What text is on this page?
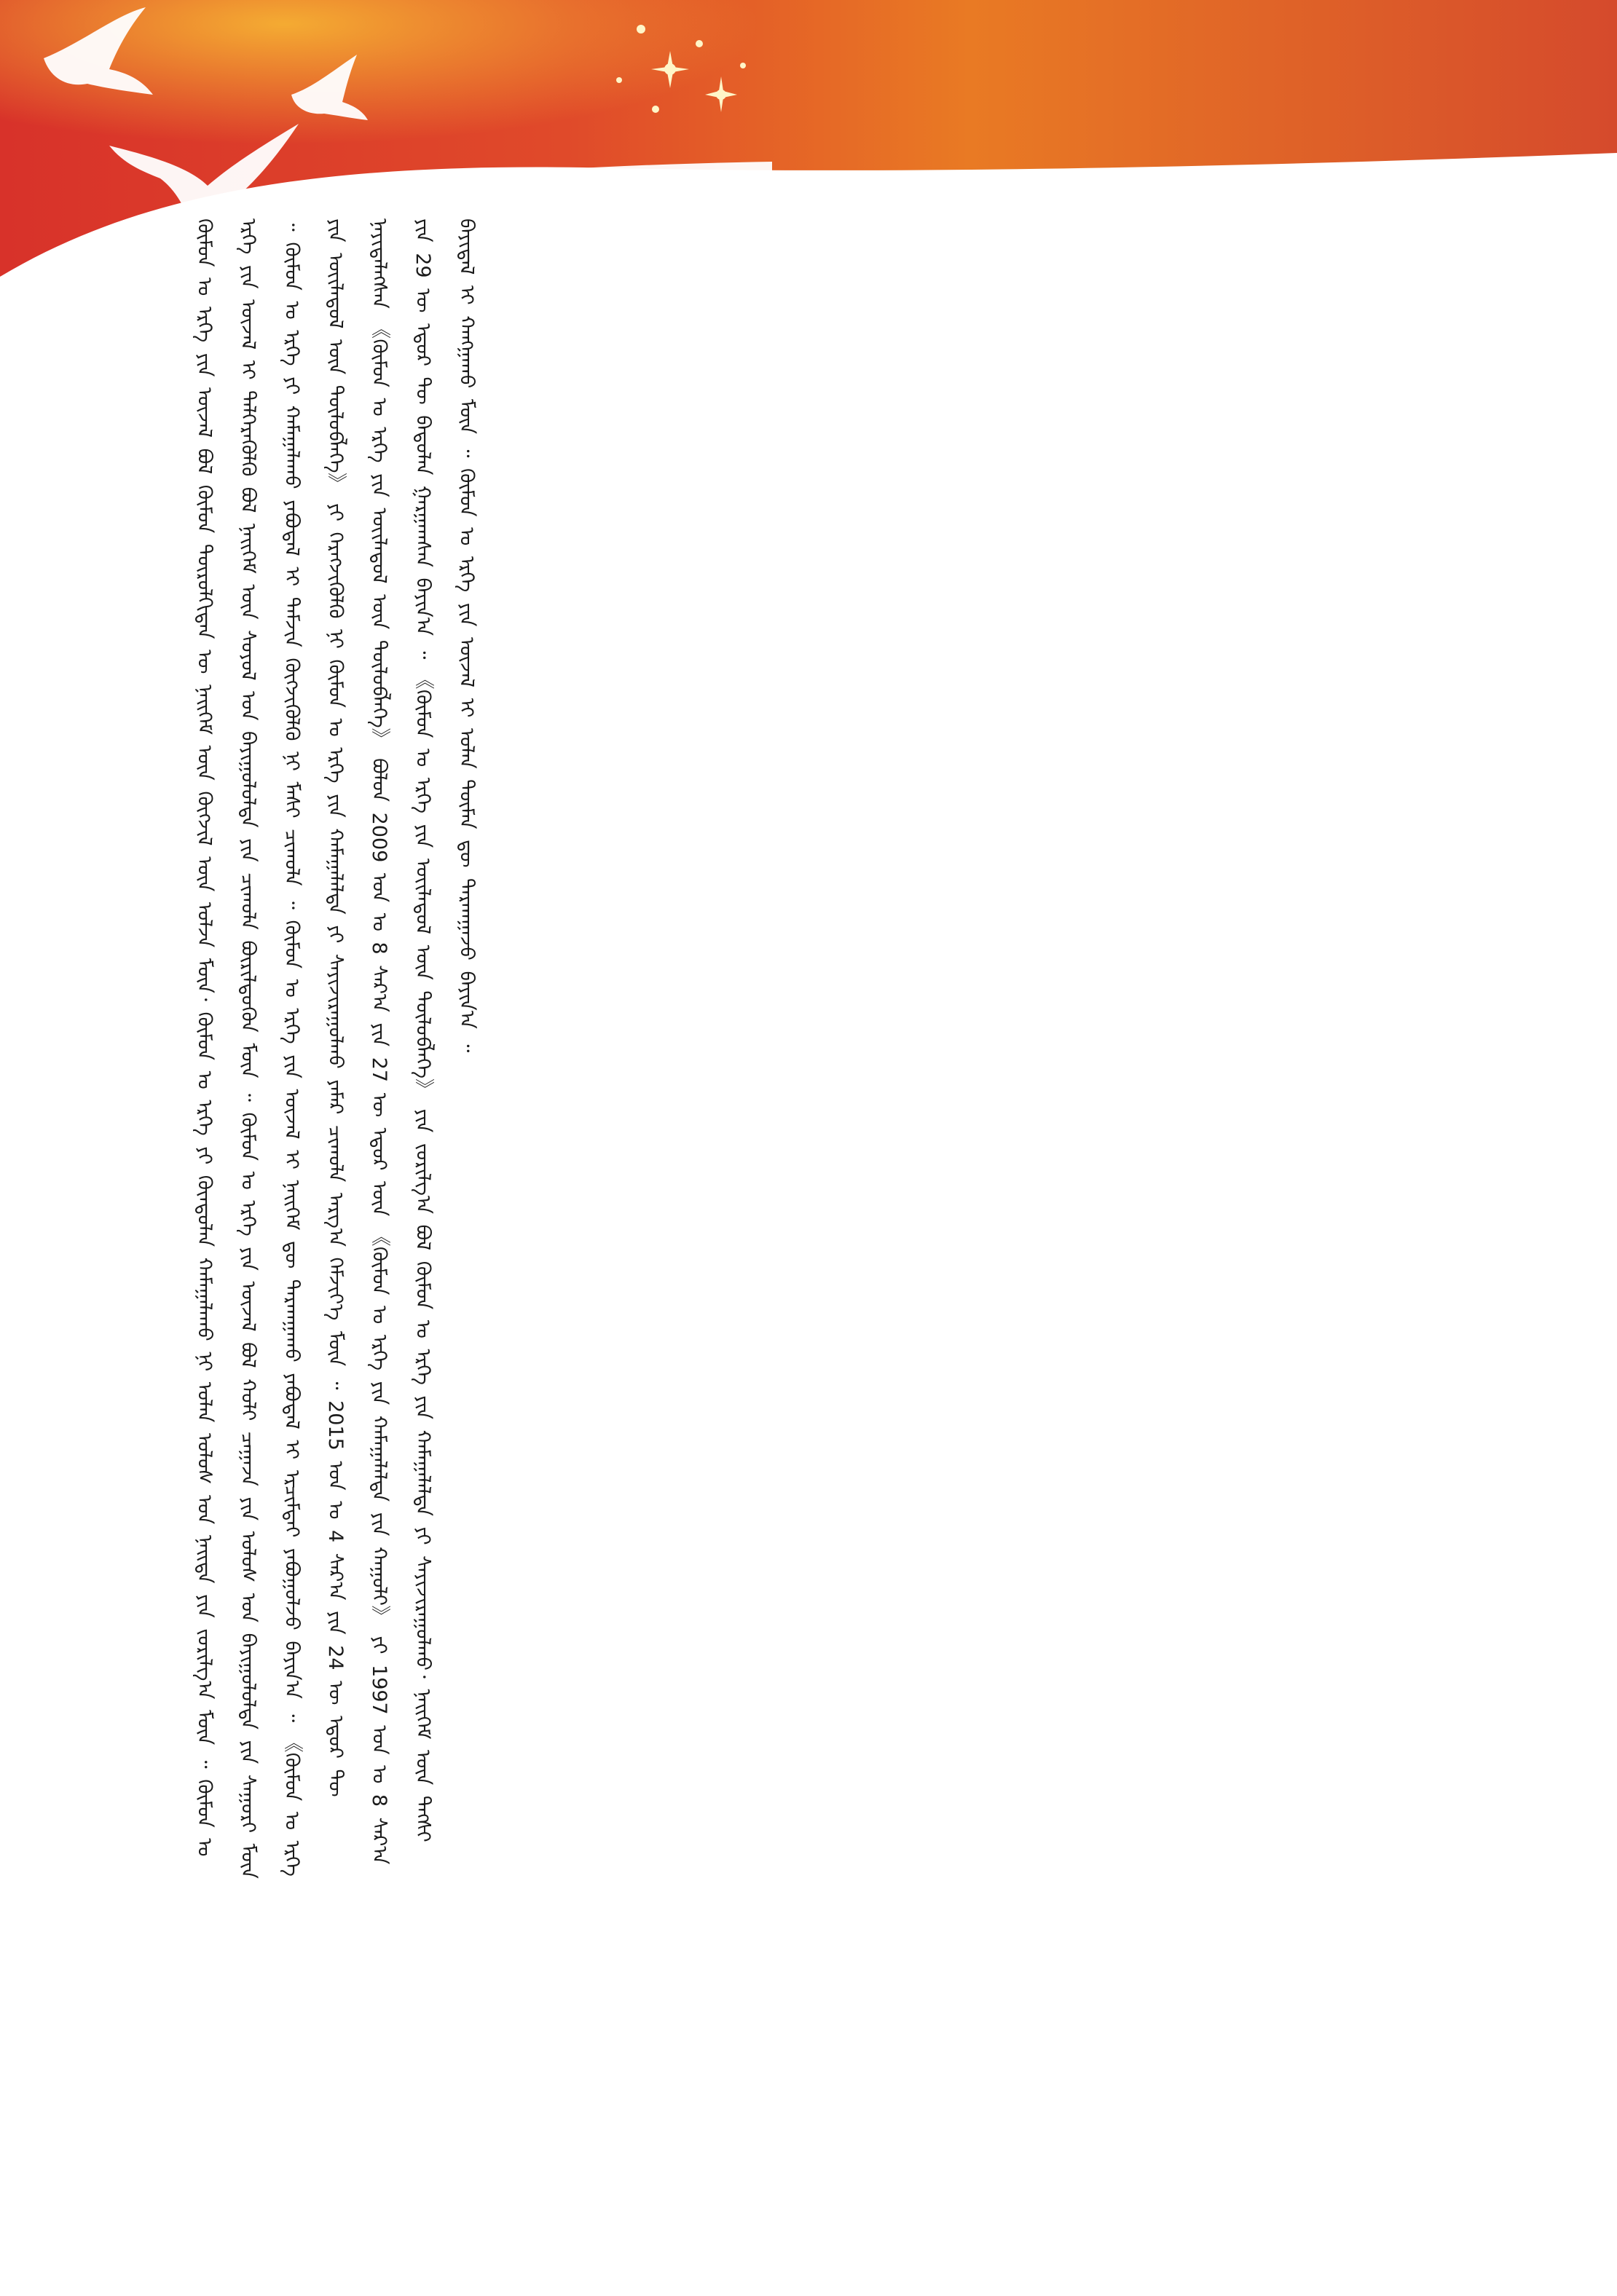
ᠬᠦᠮᠦᠨ ᠤ ᠡᠷᠬᠡ ᠶᠢᠨ ᠦᠵᠡᠯ ᠪᠣᠯ ᠬᠦᠮᠦᠨ ᠲᠥᠷᠦᠯᠬᠢᠲᠡᠨ ᠦ ᠨᠡᠢᠭᠡᠮ ᠦᠨ ᠬᠥᠭᠵᠢᠯ ᠦᠨ ᠣᠯᠵᠠ ᠮᠥᠨ᠂ ᠬᠦᠮᠦᠨ ᠤ ᠡᠷᠬᠡ ᠶᠢ ᠬᠦᠨᠳᠦᠯᠡᠨ ᠬᠠᠮᠠᠭᠠᠯᠠᠬᠤ ᠨᠢ ᠣᠯᠠᠨ ᠤᠯᠤᠰ ᠤᠨ ᠨᠡᠢᠲᠡ ᠶᠢᠨ ᠵᠣᠷᠢᠯᠭ᠎ᠠ ᠮᠥᠨ ᠃ ᠬᠦᠮᠦᠨ ᠤ ᠡᠷᠬᠡ ᠶᠢᠨ ᠦᠵᠡᠯ ᠢ ᠳᠡᠯᠭᠡᠷᠡᠭᠦᠯᠬᠦ ᠪᠣᠯ ᠨᠡᠢᠭᠡᠮ ᠦᠨ ᠰᠣᠶᠣᠯ ᠤᠨ ᠪᠠᠶᠢᠭᠤᠯᠤᠯᠲᠠ ᠶᠢᠨ ᠴᠢᠬᠤᠯᠠ ᠪᠦᠷᠢᠯᠳᠦᠬᠦᠨ ᠮᠥᠨ ᠃ ᠬᠦᠮᠦᠨ ᠤ ᠡᠷᠬᠡ ᠶᠢᠨ ᠦᠵᠡᠯ ᠪᠣᠯ ᠬᠤᠯᠢ ᠴᠠᠭᠠᠵᠠ ᠶᠢᠨ ᠤᠯᠤᠰ ᠤᠨ ᠪᠠᠶᠢᠭᠤᠯᠤᠯᠲᠠ ᠶᠢᠨ ᠰᠠᠭᠤᠷᠢ ᠮᠥᠨ ᠃ ᠬᠦᠮᠦᠨ ᠤ ᠡᠷᠬᠡ ᠶᠢ ᠬᠠᠮᠠᠭᠠᠯᠠᠬᠤ ᠶᠠᠪᠤᠳᠠᠯ ᠢ ᠳᠡᠮᠵᠢᠨ ᠬᠥᠭᠵᠢᠭᠦᠯᠬᠦ ᠨᠢ ᠮᠠᠰᠢ ᠴᠢᠬᠤᠯᠠ ᠃ ᠬᠦᠮᠦᠨ ᠤ ᠡᠷᠬᠡ ᠶᠢᠨ ᠦᠵᠡᠯ ᠢ ᠨᠡᠢᠭᠡᠮ ᠳᠦ ᠲᠠᠷᠬᠠᠭᠠᠬᠤ ᠶᠠᠪᠤᠳᠠᠯ ᠢ ᠡᠷᠴᠢᠮᠲᠡᠢ ᠶᠠᠪᠤᠭᠤᠯᠵᠤ ᠪᠠᠶᠢᠨ᠎ᠠ ᠃ 《ᠬᠦᠮᠦᠨ ᠤ ᠡᠷᠬᠡ ᠶᠢᠨ ᠦᠢᠯᠡᠳᠦᠯ ᠦᠨ ᠲᠥᠯᠦᠪᠯᠡᠭᠡ》 ᠶᠢ ᠬᠡᠷᠡᠭᠵᠢᠭᠦᠯᠬᠦ ᠨᠢ ᠬᠦᠮᠦᠨ ᠤ ᠡᠷᠬᠡ ᠶᠢᠨ ᠬᠠᠮᠠᠭᠠᠯᠠᠯᠲᠠ ᠶᠢ ᠰᠠᠶᠢᠵᠢᠷᠠᠭᠤᠯᠬᠤ ᠶᠠᠮᠠᠷ ᠴᠢᠬᠤᠯᠠ ᠠᠷᠭ᠎ᠠ ᠬᠡᠮᠵᠢᠶ᠎ᠡ ᠮᠥᠨ ᠃ 2015 ᠣᠨ ᠤ 4 ᠰᠠᠷ᠎ᠠ ᠶᠢᠨ 24 ᠦ ᠡᠳᠦᠷ ᠲᠦ ᠨᠡᠶᠢᠲᠡᠯᠡᠭᠰᠡᠨ 《ᠬᠦᠮᠦᠨ ᠤ ᠡᠷᠬᠡ ᠶᠢᠨ ᠦᠢᠯᠡᠳᠦᠯ ᠦᠨ ᠲᠥᠯᠦᠪᠯᠡᠭᠡ》 ᠪᠣᠯᠤᠨ 2009 ᠣᠨ ᠤ 8 ᠰᠠᠷ᠎ᠠ ᠶᠢᠨ 27 ᠦ ᠡᠳᠦᠷ ᠦᠨ 《ᠬᠦᠮᠦᠨ ᠤ ᠡᠷᠬᠡ ᠶᠢᠨ ᠬᠠᠮᠠᠭᠠᠯᠠᠯᠲᠠ ᠶᠢᠨ ᠬᠠᠭᠤᠯᠢ》 ᠶᠢ 1997 ᠣᠨ ᠤ 8 ᠰᠠᠷ᠎ᠠ ᠶᠢᠨ 29 ᠦ ᠡᠳᠦᠷ ᠲᠦ ᠪᠠᠲᠤᠯᠠᠨ ᠭᠠᠷᠭᠠᠭᠰᠠᠨ ᠪᠠᠶᠢᠨ᠎ᠠ ᠃ 《ᠬᠦᠮᠦᠨ ᠤ ᠡᠷᠬᠡ ᠶᠢᠨ ᠦᠢᠯᠡᠳᠦᠯ ᠦᠨ ᠲᠥᠯᠦᠪᠯᠡᠭᠡ》 ᠶᠢᠨ ᠵᠣᠷᠢᠯᠭ᠎ᠠ ᠪᠣᠯ ᠬᠦᠮᠦᠨ ᠤ ᠡᠷᠬᠡ ᠶᠢᠨ ᠬᠠᠮᠠᠭᠠᠯᠠᠯᠲᠠ ᠶᠢ ᠰᠠᠶᠢᠵᠢᠷᠠᠭᠤᠯᠬᠤ᠂ ᠨᠡᠢᠭᠡᠮ ᠦᠨ ᠲᠡᠭᠰᠢ ᠪᠠᠶᠢᠳᠠᠯ ᠢ ᠬᠠᠩᠭᠠᠬᠤ ᠮᠥᠨ ᠃ ᠬᠦᠮᠦᠨ ᠤ ᠡᠷᠬᠡ ᠶᠢᠨ ᠦᠵᠡᠯ ᠢ ᠣᠯᠠᠨ ᠲᠦᠮᠡᠨ ᠳᠦ ᠲᠠᠷᠬᠠᠭᠠᠵᠤ ᠪᠠᠶᠢᠨ᠎ᠠ ᠃
